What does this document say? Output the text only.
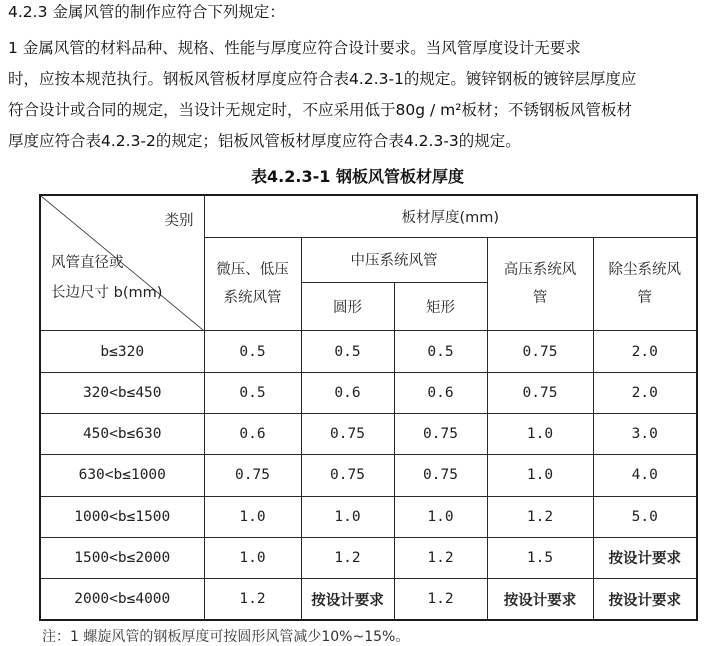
4.2.3 金属风管的制作应符合下列规定：
1 金属风管的材料品种、规格、性能与厚度应符合设计要求。当风管厚度设计无要求
时，应按本规范执行。钢板风管板材厚度应符合表4.2.3-1的规定。镀锌钢板的镀锌层厚度应
符合设计或合同的规定，当设计无规定时，不应采用低于80g / m²板材；不锈钢板风管板材
厚度应符合表4.2.3-2的规定；铝板风管板材厚度应符合表4.2.3-3的规定。
表4.2.3-1 钢板风管板材厚度
类别
风管直径或
长边尺寸 b(mm)	板材厚度(mm)				
	微压、低压系统风管	中压系统风管		高压系统风管	除尘系统风管
		圆形	矩形		
b≤320	0.5	0.5	0.5	0.75	2.0
320<b≤450	0.5	0.6	0.6	0.75	2.0
450<b≤630	0.6	0.75	0.75	1.0	3.0
630<b≤1000	0.75	0.75	0.75	1.0	4.0
1000<b≤1500	1.0	1.0	1.0	1.2	5.0
1500<b≤2000	1.0	1.2	1.2	1.5	按设计要求
2000<b≤4000	1.2	按设计要求	1.2	按设计要求	按设计要求
注：1 螺旋风管的钢板厚度可按圆形风管减少10%~15%。
